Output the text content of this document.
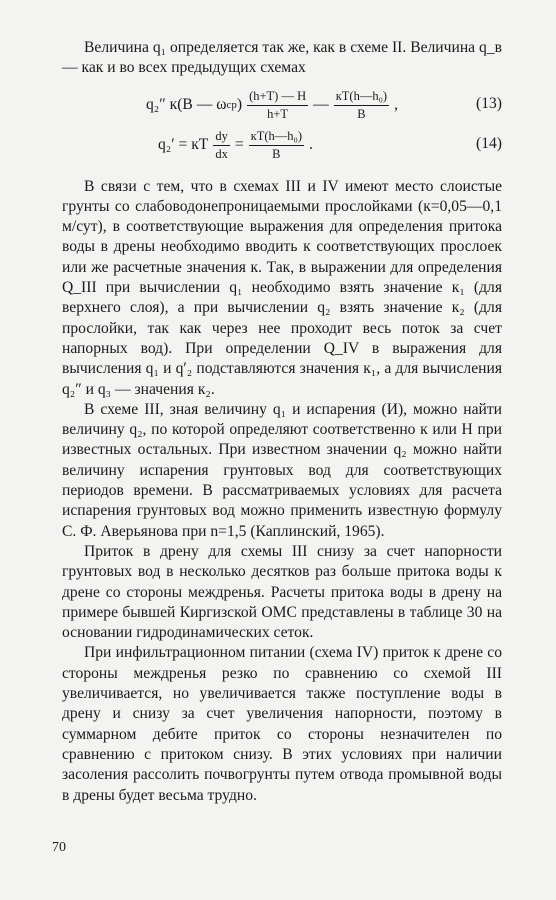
Величина q₁ определяется так же, как в схеме II. Величина q_в — как и во всех предыдущих схемах

q₂″
к(B — ω ср ) $\frac{(h+T) — H}{h+T}$ — $\frac{\text{кT(h—h₀)}}{B}$ ,	(13)
q₂′ = кT $\frac{dy}{dx} = \frac{\text{кT(h—h₀)}}{B}$ .	(14)

В связи с тем, что в схемах III и IV имеют место слоистые грунты со слабоводонепроницаемыми прослойками (к=0,05—0,1 м/сут), в соответствующие выражения для определения притока воды в дрены необходимо вводить к соответствующих прослоек или же расчетные значения к. Так, в выражении для определения Q_III при вычислении q₁ необходимо взять значение к₁ (для верхнего слоя), а при вычислении q₂ взять значение к₂ (для прослойки, так как через нее проходит весь поток за счет напорных вод). При определении Q_IV в выражения для вычисления q₁ и q′₂ подставляются значения к₁, а для вычисления q₂″ и q₃ — значения к₂.

В схеме III, зная величину q₁ и испарения (И), можно найти величину q₂, по которой определяют соответственно к или H при известных остальных. При известном значении q₂ можно найти величину испарения грунтовых вод для соответствующих периодов времени. В рассматриваемых условиях для расчета испарения грунтовых вод можно применить известную формулу С. Ф. Аверьянова при n=1,5 (Каплинский, 1965).

Приток в дрену для схемы III снизу за счет напорности грунтовых вод в несколько десятков раз больше притока воды к дрене со стороны междренья. Расчеты притока воды в дрену на примере бывшей Киргизской ОМС представлены в таблице 30 на основании гидродинамических сеток.

При инфильтрационном питании (схема IV) приток к дрене со стороны междренья резко по сравнению со схемой III увеличивается, но увеличивается также поступление воды в дрену и снизу за счет увеличения напорности, поэтому в суммарном дебите приток со стороны незначителен по сравнению с притоком снизу. В этих условиях при наличии засоления рассолить почвогрунты путем отвода промывной воды в дрены будет весьма трудно.

70
